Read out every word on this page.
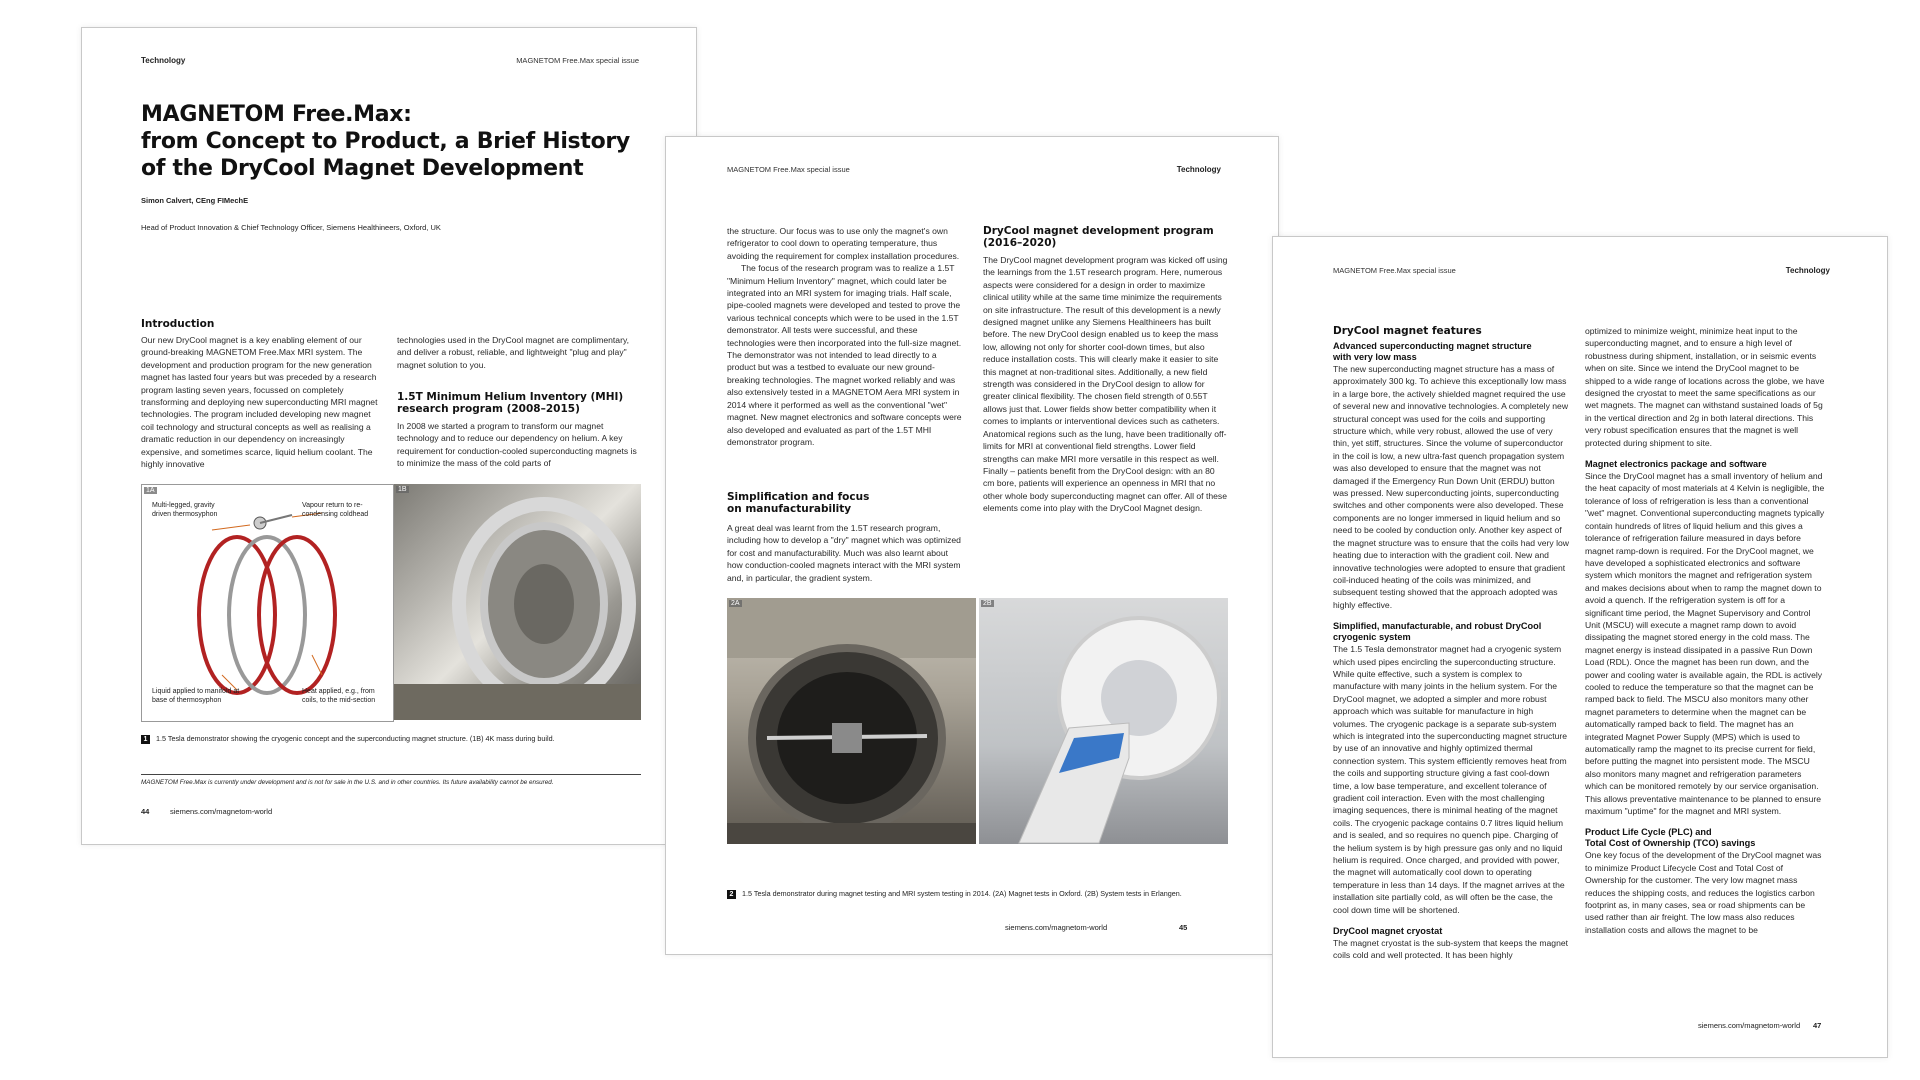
Technology	MAGNETOM Free.Max special issue
MAGNETOM Free.Max:
from Concept to Product, a Brief History
of the DryCool Magnet Development
Simon Calvert, CEng FIMechE
Head of Product Innovation & Chief Technology Officer, Siemens Healthineers, Oxford, UK
Introduction

Our new DryCool magnet is a key enabling element of our ground-breaking MAGNETOM Free.Max MRI system. The development and production program for the new generation magnet has lasted four years but was preceded by a research program lasting seven years, focussed on completely transforming and deploying new superconducting MRI magnet technologies. The program included developing new magnet coil technology and structural concepts as well as realising a dramatic reduction in our dependency on increasingly expensive, and sometimes scarce, liquid helium coolant. The highly innovative

technologies used in the DryCool magnet are complimentary, and deliver a robust, reliable, and lightweight "plug and play" magnet solution to you.

1.5T Minimum Helium Inventory (MHI)
research program (2008–2015)

In 2008 we started a program to transform our magnet technology and to reduce our dependency on helium. A key requirement for conduction-cooled superconducting magnets is to minimize the mass of the cold parts of

1A
Multi-legged, gravity driven thermosyphon
Vapour return to re-condensing coldhead
Liquid applied to manifold at base of thermosyphon
Heat applied, e.g., from coils, to the mid-section
1B
1 1.5 Tesla demonstrator showing the cryogenic concept and the superconducting magnet structure. (1B) 4K mass during build.
MAGNETOM Free.Max is currently under development and is not for sale in the U.S. and in other countries. Its future availability cannot be ensured.
44	siemens.com/magnetom-world
MAGNETOM Free.Max special issue	Technology

the structure. Our focus was to use only the magnet's own refrigerator to cool down to operating temperature, thus avoiding the requirement for complex installation procedures.

The focus of the research program was to realize a 1.5T "Minimum Helium Inventory" magnet, which could later be integrated into an MRI system for imaging trials. Half scale, pipe-cooled magnets were developed and tested to prove the various technical concepts which were to be used in the 1.5T demonstrator. All tests were successful, and these technologies were then incorporated into the full-size magnet. The demonstrator was not intended to lead directly to a product but was a testbed to evaluate our new ground-breaking technologies. The magnet worked reliably and was also extensively tested in a MAGNETOM Aera MRI system in 2014 where it performed as well as the conventional "wet" magnet. New magnet electronics and software concepts were also developed and evaluated as part of the 1.5T MHI demonstrator program.

Simplification and focus
on manufacturability

A great deal was learnt from the 1.5T research program, including how to develop a "dry" magnet which was optimized for cost and manufacturability. Much was also learnt about how conduction-cooled magnets interact with the MRI system and, in particular, the gradient system.

DryCool magnet development program
(2016–2020)

The DryCool magnet development program was kicked off using the learnings from the 1.5T research program. Here, numerous aspects were considered for a design in order to maximize clinical utility while at the same time minimize the requirements on site infrastructure. The result of this development is a newly designed magnet unlike any Siemens Healthineers has built before. The new DryCool design enabled us to keep the mass low, allowing not only for shorter cool-down times, but also reduce installation costs. This will clearly make it easier to site this magnet at non-traditional sites. Additionally, a new field strength was considered in the DryCool design to allow for greater clinical flexibility. The chosen field strength of 0.55T allows just that. Lower fields show better compatibility when it comes to implants or interventional devices such as catheters. Anatomical regions such as the lung, have been traditionally off-limits for MRI at conventional field strengths. Lower field strengths can make MRI more versatile in this respect as well. Finally – patients benefit from the DryCool design: with an 80 cm bore, patients will experience an openness in MRI that no other whole body superconducting magnet can offer. All of these elements come into play with the DryCool Magnet design.

2A	2B
2 1.5 Tesla demonstrator during magnet testing and MRI system testing in 2014. (2A) Magnet tests in Oxford. (2B) System tests in Erlangen.
siemens.com/magnetom-world	45
MAGNETOM Free.Max special issue	Technology
DryCool magnet features
Advanced superconducting magnet structure
with very low mass

The new superconducting magnet structure has a mass of approximately 300 kg. To achieve this exceptionally low mass in a large bore, the actively shielded magnet required the use of several new and innovative technologies. A completely new structural concept was used for the coils and supporting structure which, while very robust, allowed the use of very thin, yet stiff, structures. Since the volume of superconductor in the coil is low, a new ultra-fast quench propagation system was also developed to ensure that the magnet was not damaged if the Emergency Run Down Unit (ERDU) button was pressed. New superconducting joints, superconducting switches and other components were also developed. These components are no longer immersed in liquid helium and so need to be cooled by conduction only. Another key aspect of the magnet structure was to ensure that the coils had very low heating due to interaction with the gradient coil. New and innovative technologies were adopted to ensure that gradient coil-induced heating of the coils was minimized, and subsequent testing showed that the approach adopted was highly effective.

Simplified, manufacturable, and robust DryCool
cryogenic system

The 1.5 Tesla demonstrator magnet had a cryogenic system which used pipes encircling the superconducting structure. While quite effective, such a system is complex to manufacture with many joints in the helium system. For the DryCool magnet, we adopted a simpler and more robust approach which was suitable for manufacture in high volumes. The cryogenic package is a separate sub-system which is integrated into the superconducting magnet structure by use of an innovative and highly optimized thermal connection system. This system efficiently removes heat from the coils and supporting structure giving a fast cool-down time, a low base temperature, and excellent tolerance of gradient coil interaction. Even with the most challenging imaging sequences, there is minimal heating of the magnet coils. The cryogenic package contains 0.7 litres liquid helium and is sealed, and so requires no quench pipe. Charging of the helium system is by high pressure gas only and no liquid helium is required. Once charged, and provided with power, the magnet will automatically cool down to operating temperature in less than 14 days. If the magnet arrives at the installation site partially cold, as will often be the case, the cool down time will be shortened.

DryCool magnet cryostat

The magnet cryostat is the sub-system that keeps the magnet coils cold and well protected. It has been highly

optimized to minimize weight, minimize heat input to the superconducting magnet, and to ensure a high level of robustness during shipment, installation, or in seismic events when on site. Since we intend the DryCool magnet to be shipped to a wide range of locations across the globe, we have designed the cryostat to meet the same specifications as our wet magnets. The magnet can withstand sustained loads of 5g in the vertical direction and 2g in both lateral directions. This very robust specification ensures that the magnet is well protected during shipment to site.

Magnet electronics package and software

Since the DryCool magnet has a small inventory of helium and the heat capacity of most materials at 4 Kelvin is negligible, the tolerance of loss of refrigeration is less than a conventional "wet" magnet. Conventional superconducting magnets typically contain hundreds of litres of liquid helium and this gives a tolerance of refrigeration failure measured in days before magnet ramp-down is required. For the DryCool magnet, we have developed a sophisticated electronics and software system which monitors the magnet and refrigeration system and makes decisions about when to ramp the magnet down to avoid a quench. If the refrigeration system is off for a significant time period, the Magnet Supervisory and Control Unit (MSCU) will execute a magnet ramp down to avoid dissipating the magnet stored energy in the cold mass. The magnet energy is instead dissipated in a passive Run Down Load (RDL). Once the magnet has been run down, and the power and cooling water is available again, the RDL is actively cooled to reduce the temperature so that the magnet can be ramped back to field. The MSCU also monitors many other magnet parameters to determine when the magnet can be automatically ramped back to field. The magnet has an integrated Magnet Power Supply (MPS) which is used to automatically ramp the magnet to its precise current for field, before putting the magnet into persistent mode. The MSCU also monitors many magnet and refrigeration parameters which can be monitored remotely by our service organisation. This allows preventative maintenance to be planned to ensure maximum "uptime" for the magnet and MRI system.

Product Life Cycle (PLC) and
Total Cost of Ownership (TCO) savings

One key focus of the development of the DryCool magnet was to minimize Product Lifecycle Cost and Total Cost of Ownership for the customer. The very low magnet mass reduces the shipping costs, and reduces the logistics carbon footprint as, in many cases, sea or road shipments can be used rather than air freight. The low mass also reduces installation costs and allows the magnet to be

siemens.com/magnetom-world 47
